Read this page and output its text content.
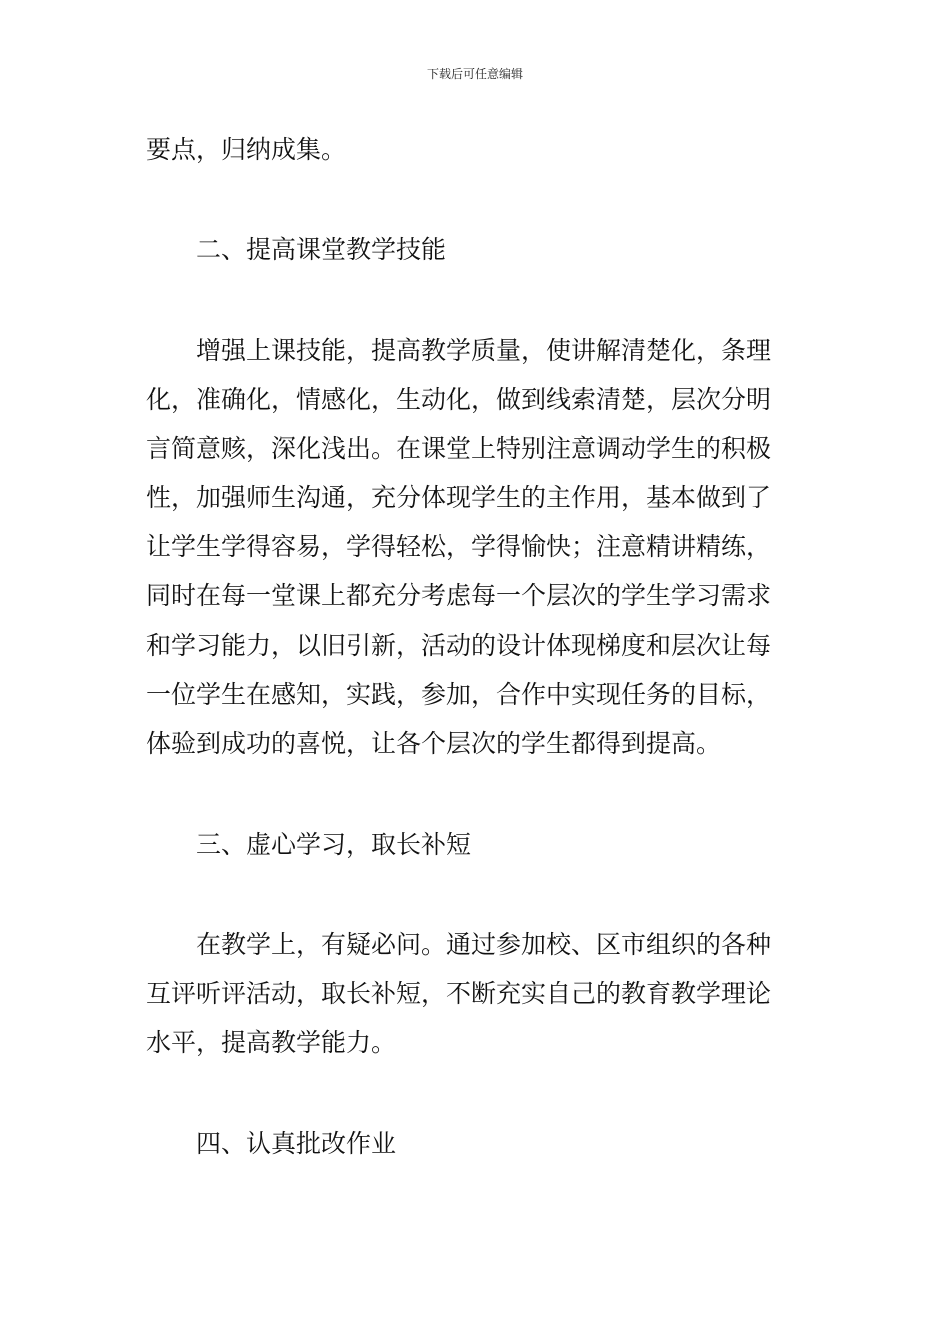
下载后可任意编辑
要点，归纳成集。
二、提高课堂教学技能
增强上课技能，提高教学质量，使讲解清楚化，条理
化，准确化，情感化，生动化，做到线索清楚，层次分明
言简意赅，深化浅出。在课堂上特别注意调动学生的积极
性，加强师生沟通，充分体现学生的主作用，基本做到了
让学生学得容易，学得轻松，学得愉快；注意精讲精练，
同时在每一堂课上都充分考虑每一个层次的学生学习需求
和学习能力，以旧引新，活动的设计体现梯度和层次让每
一位学生在感知，实践，参加，合作中实现任务的目标，
体验到成功的喜悦，让各个层次的学生都得到提高。
三、虚心学习，取长补短
在教学上，有疑必问。通过参加校、区市组织的各种
互评听评活动，取长补短，不断充实自己的教育教学理论
水平，提高教学能力。
四、认真批改作业
